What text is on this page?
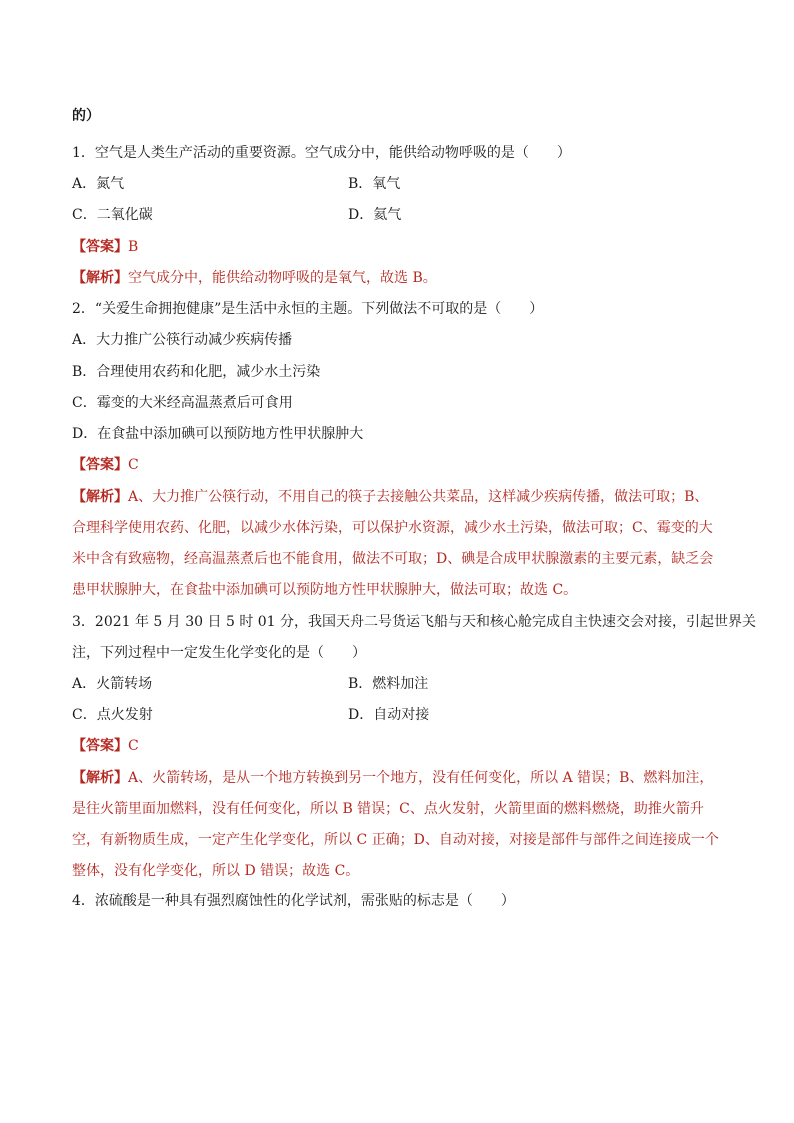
的）
1．空气是人类生产活动的重要资源。空气成分中，能供给动物呼吸的是（　　）
A．氮气	B．氧气
C．二氧化碳	D．氦气
【答案】B
【解析】空气成分中，能供给动物呼吸的是氧气，故选 B。
2．“关爱生命拥抱健康”是生活中永恒的主题。下列做法不可取的是（　　）
A．大力推广公筷行动减少疾病传播
B．合理使用农药和化肥，减少水土污染
C．霉变的大米经高温蒸煮后可食用
D．在食盐中添加碘可以预防地方性甲状腺肿大
【答案】C
【解析】A、大力推广公筷行动，不用自己的筷子去接触公共菜品，这样减少疾病传播，做法可取；B、合理科学使用农药、化肥，以减少水体污染，可以保护水资源，减少水土污染，做法可取；C、霉变的大米中含有致癌物，经高温蒸煮后也不能食用，做法不可取；D、碘是合成甲状腺激素的主要元素，缺乏会患甲状腺肿大，在食盐中添加碘可以预防地方性甲状腺肿大，做法可取；故选 C。
3．2021 年 5 月 30 日 5 时 01 分，我国天舟二号货运飞船与天和核心舱完成自主快速交会对接，引起世界关
注，下列过程中一定发生化学变化的是（　　）
A．火箭转场	B．燃料加注
C．点火发射	D．自动对接
【答案】C
【解析】A、火箭转场，是从一个地方转换到另一个地方，没有任何变化，所以 A 错误；B、燃料加注，是往火箭里面加燃料，没有任何变化，所以 B 错误；C、点火发射，火箭里面的燃料燃烧，助推火箭升空，有新物质生成，一定产生化学变化，所以 C 正确；D、自动对接，对接是部件与部件之间连接成一个整体，没有化学变化，所以 D 错误；故选 C。
4．浓硫酸是一种具有强烈腐蚀性的化学试剂，需张贴的标志是（　　）
